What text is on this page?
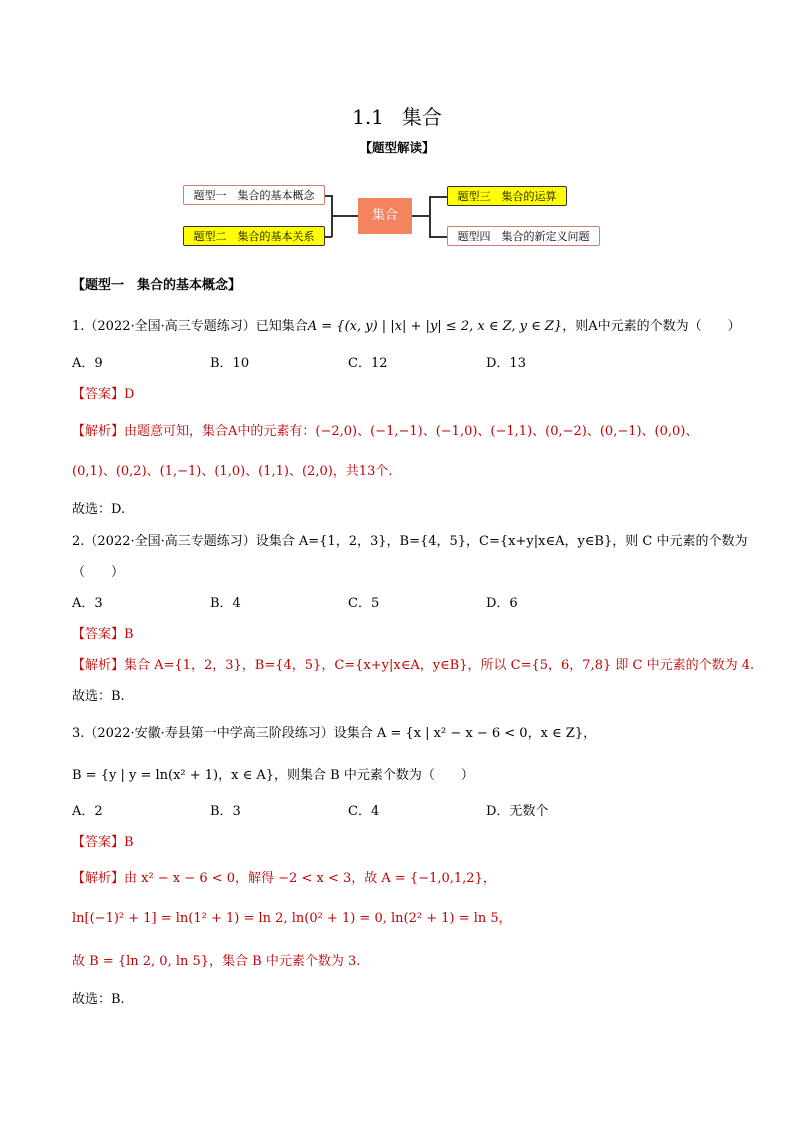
1.1 集合
【题型解读】
题型一　集合的基本概念
题型二　集合的基本关系
集合
题型三　集合的运算
题型四　集合的新定义问题
【题型一　集合的基本概念】
1.（2022·全国·高三专题练习）已知集合A = {(x, y) | |x| + |y| ≤ 2, x ∈ Z, y ∈ Z}，则A中元素的个数为（　　）
A．9	B．10	C．12	D．13
【答案】D
【解析】由题意可知，集合A中的元素有：(−2,0)、(−1,−1)、(−1,0)、(−1,1)、(0,−2)、(0,−1)、(0,0)、
(0,1)、(0,2)、(1,−1)、(1,0)、(1,1)、(2,0)，共13个.
故选：D.
2.（2022·全国·高三专题练习）设集合 A={1，2，3}，B={4，5}，C={x+y|x∈A，y∈B}，则 C 中元素的个数为
（　　）
A．3	B．4	C．5	D．6
【答案】B
【解析】集合 A={1，2，3}，B={4，5}，C={x+y|x∈A，y∈B}，所以 C={5，6，7,8} 即 C 中元素的个数为 4.
故选：B.
3.（2022·安徽·寿县第一中学高三阶段练习）设集合 A = {x | x² − x − 6 < 0，x ∈ Z}，
B = {y | y = ln(x² + 1)，x ∈ A}，则集合 B 中元素个数为（　　）
A．2	B．3	C．4	D．无数个
【答案】B
【解析】由 x² − x − 6 < 0，解得 −2 < x < 3，故 A = {−1,0,1,2}，
ln[(−1)² + 1] = ln(1² + 1) = ln 2, ln(0² + 1) = 0, ln(2² + 1) = ln 5，
故 B = {ln 2, 0, ln 5}，集合 B 中元素个数为 3.
故选：B.
